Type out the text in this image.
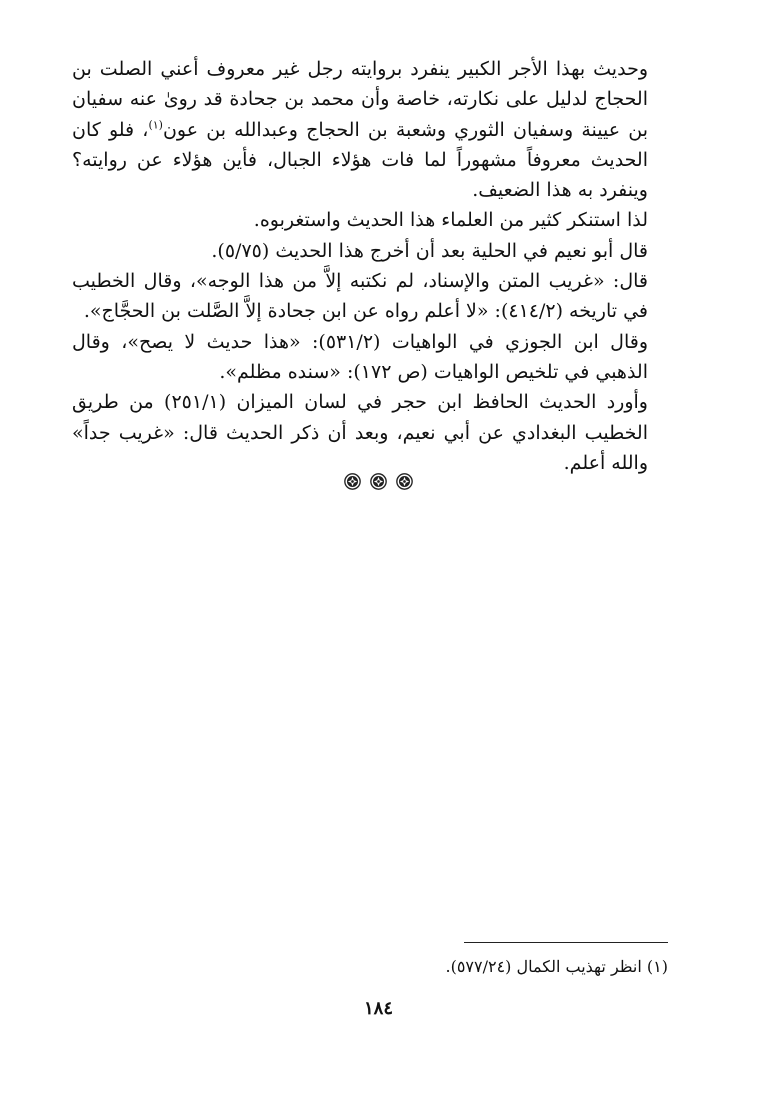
وحديث بهذا الأجر الكبير ينفرد بروايته رجل غير معروف أعني الصلت بن الحجاج لدليل على نكارته، خاصة وأن محمد بن جحادة قد روىٰ عنه سفيان بن عيينة وسفيان الثوري وشعبة بن الحجاج وعبدالله بن عون$^{(١)}$، فلو كان الحديث معروفاً مشهوراً لما فات هؤلاء الجبال، فأين هؤلاء عن روايته؟ وينفرد به هذا الضعيف.

لذا استنكر كثير من العلماء هذا الحديث واستغربوه.

قال أبو نعيم في الحلية بعد أن أخرج هذا الحديث (٥/٧٥).

قال: «غريب المتن والإسناد، لم نكتبه إلاَّ من هذا الوجه»، وقال الخطيب في تاريخه (٤١٤/٢): «لا أعلم رواه عن ابن جحادة إلاَّ الصَّلت بن الحجَّاج».

وقال ابن الجوزي في الواهيات (٥٣١/٢): «هذا حديث لا يصح»، وقال الذهبي في تلخيص الواهيات (ص ١٧٢): «سنده مظلم».

وأورد الحديث الحافظ ابن حجر في لسان الميزان (٢٥١/١) من طريق الخطيب البغدادي عن أبي نعيم، وبعد أن ذكر الحديث قال: «غريب جداً» والله أعلم.

(١) انظر تهذيب الكمال (٥٧٧/٢٤).
١٨٤
